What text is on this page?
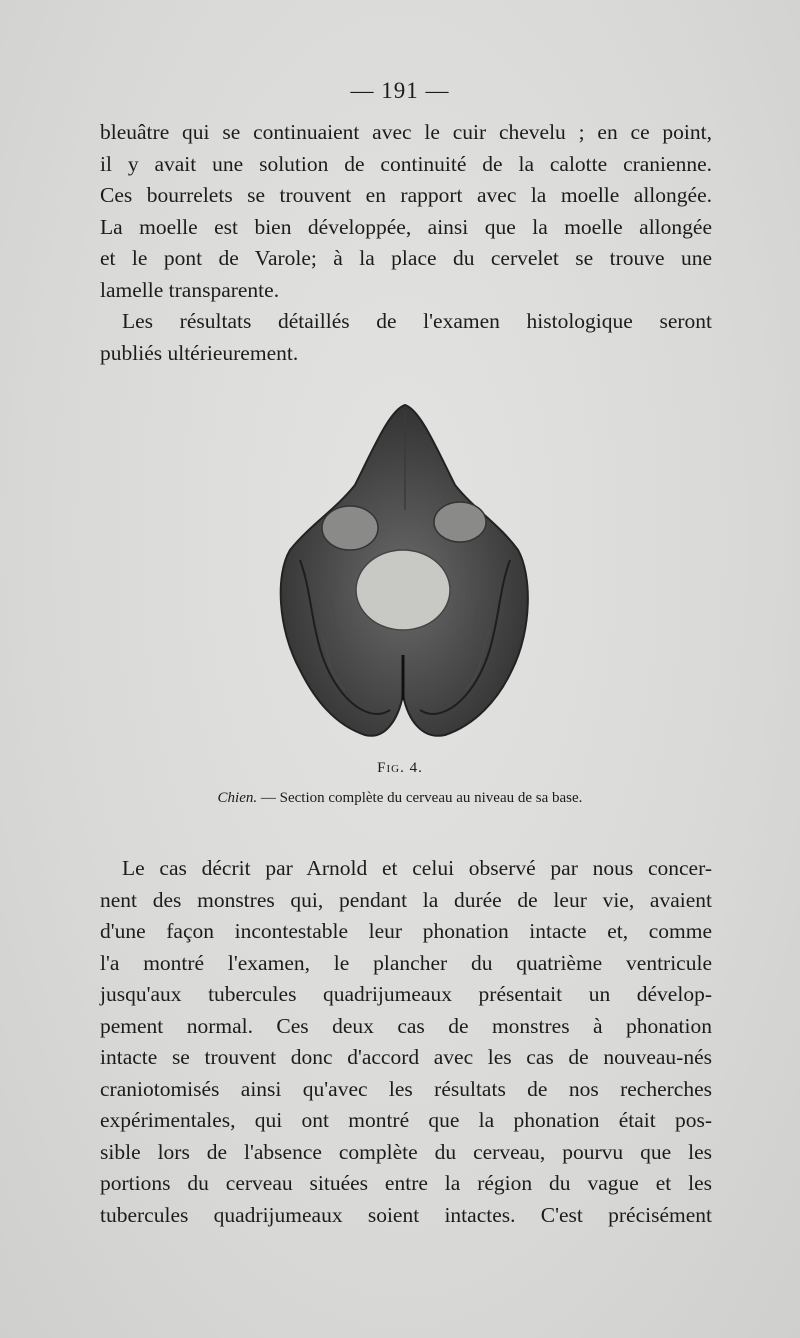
— 191 —
bleuâtre qui se continuaient avec le cuir chevelu ; en ce point,
il y avait une solution de continuité de la calotte cranienne.
Ces bourrelets se trouvent en rapport avec la moelle allongée.
La moelle est bien développée, ainsi que la moelle allongée
et le pont de Varole; à la place du cervelet se trouve une
lamelle transparente.
Les résultats détaillés de l'examen histologique seront
publiés ultérieurement.
Fig. 4.
Chien. — Section complète du cerveau au niveau de sa base.
Le cas décrit par Arnold et celui observé par nous concer-
nent des monstres qui, pendant la durée de leur vie, avaient
d'une façon incontestable leur phonation intacte et, comme
l'a montré l'examen, le plancher du quatrième ventricule
jusqu'aux tubercules quadrijumeaux présentait un dévelop-
pement normal. Ces deux cas de monstres à phonation
intacte se trouvent donc d'accord avec les cas de nouveau-nés
craniotomisés ainsi qu'avec les résultats de nos recherches
expérimentales, qui ont montré que la phonation était pos-
sible lors de l'absence complète du cerveau, pourvu que les
portions du cerveau situées entre la région du vague et les
tubercules quadrijumeaux soient intactes. C'est précisément
